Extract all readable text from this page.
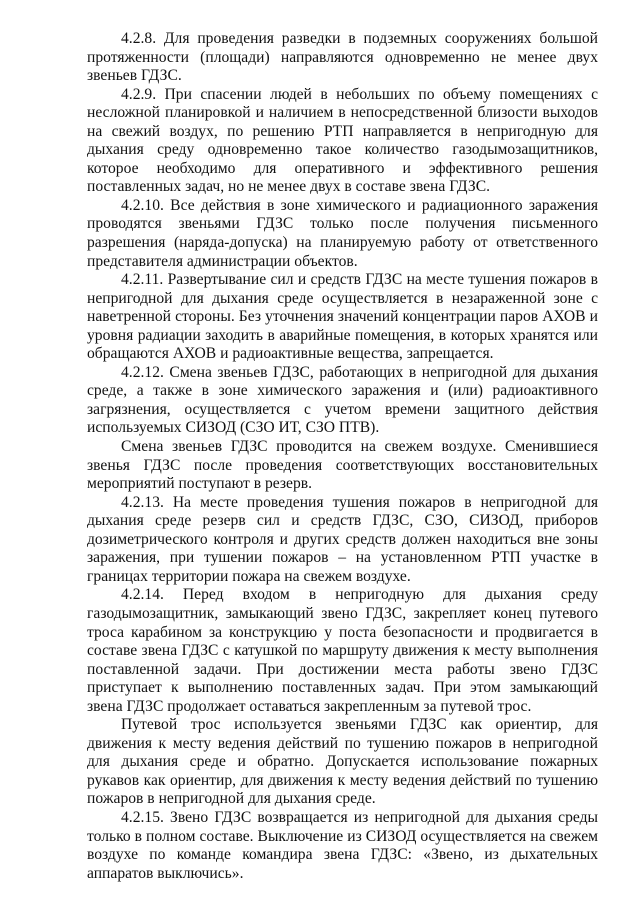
4.2.8. Для проведения разведки в подземных сооружениях большой протяженности (площади) направляются одновременно не менее двух звеньев ГДЗС.

4.2.9. При спасении людей в небольших по объему помещениях с несложной планировкой и наличием в непосредственной близости выходов на свежий воздух, по решению РТП направляется в непригодную для дыхания среду одновременно такое количество газодымозащитников, которое необходимо для оперативного и эффективного решения поставленных задач, но не менее двух в составе звена ГДЗС.

4.2.10. Все действия в зоне химического и радиационного заражения проводятся звеньями ГДЗС только после получения письменного разрешения (наряда-допуска) на планируемую работу от ответственного представителя администрации объектов.

4.2.11. Развертывание сил и средств ГДЗС на месте тушения пожаров в непригодной для дыхания среде осуществляется в незараженной зоне с наветренной стороны. Без уточнения значений концентрации паров АХОВ и уровня радиации заходить в аварийные помещения, в которых хранятся или обращаются АХОВ и радиоактивные вещества, запрещается.

4.2.12. Смена звеньев ГДЗС, работающих в непригодной для дыхания среде, а также в зоне химического заражения и (или) радиоактивного загрязнения, осуществляется с учетом времени защитного действия используемых СИЗОД (СЗО ИТ, СЗО ПТВ).

Смена звеньев ГДЗС проводится на свежем воздухе. Сменившиеся звенья ГДЗС после проведения соответствующих восстановительных мероприятий поступают в резерв.

4.2.13. На месте проведения тушения пожаров в непригодной для дыхания среде резерв сил и средств ГДЗС, СЗО, СИЗОД, приборов дозиметрического контроля и других средств должен находиться вне зоны заражения, при тушении пожаров – на установленном РТП участке в границах территории пожара на свежем воздухе.

4.2.14. Перед входом в непригодную для дыхания среду газодымозащитник, замыкающий звено ГДЗС, закрепляет конец путевого троса карабином за конструкцию у поста безопасности и продвигается в составе звена ГДЗС с катушкой по маршруту движения к месту выполнения поставленной задачи. При достижении места работы звено ГДЗС приступает к выполнению поставленных задач. При этом замыкающий звена ГДЗС продолжает оставаться закрепленным за путевой трос.

Путевой трос используется звеньями ГДЗС как ориентир, для движения к месту ведения действий по тушению пожаров в непригодной для дыхания среде и обратно. Допускается использование пожарных рукавов как ориентир, для движения к месту ведения действий по тушению пожаров в непригодной для дыхания среде.

4.2.15. Звено ГДЗС возвращается из непригодной для дыхания среды только в полном составе. Выключение из СИЗОД осуществляется на свежем воздухе по команде командира звена ГДЗС: «Звено, из дыхательных аппаратов выключись».
